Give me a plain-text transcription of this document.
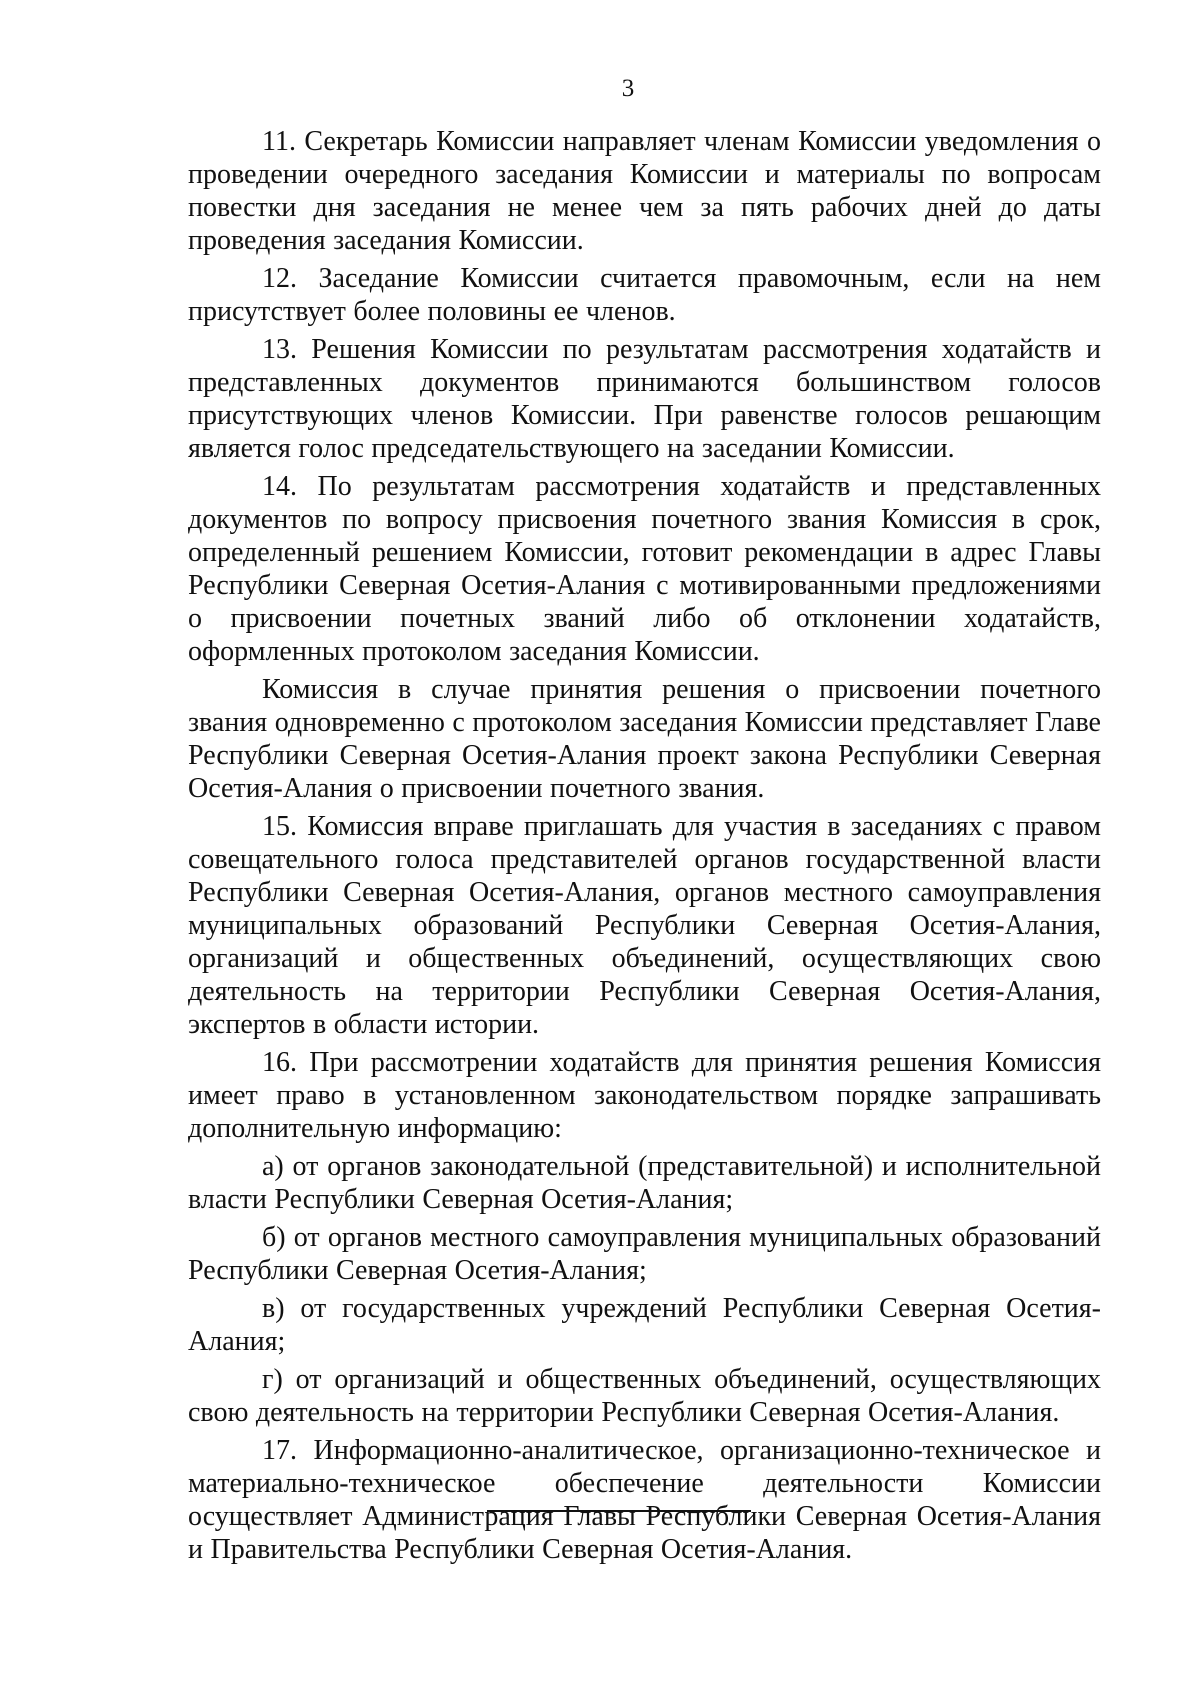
3

11. Секретарь Комиссии направляет членам Комиссии уведомления о проведении очередного заседания Комиссии и материалы по вопросам повестки дня заседания не менее чем за пять рабочих дней до даты проведения заседания Комиссии.

12. Заседание Комиссии считается правомочным, если на нем присутствует более половины ее членов.

13. Решения Комиссии по результатам рассмотрения ходатайств и представленных документов принимаются большинством голосов присутствующих членов Комиссии. При равенстве голосов решающим является голос председательствующего на заседании Комиссии.

14. По результатам рассмотрения ходатайств и представленных документов по вопросу присвоения почетного звания Комиссия в срок, определенный решением Комиссии, готовит рекомендации в адрес Главы Республики Северная Осетия-Алания с мотивированными предложениями о присвоении почетных званий либо об отклонении ходатайств, оформленных протоколом заседания Комиссии.

Комиссия в случае принятия решения о присвоении почетного звания одновременно с протоколом заседания Комиссии представляет Главе Республики Северная Осетия-Алания проект закона Республики Северная Осетия-Алания о присвоении почетного звания.

15. Комиссия вправе приглашать для участия в заседаниях с правом совещательного голоса представителей органов государственной власти Республики Северная Осетия-Алания, органов местного самоуправления муниципальных образований Республики Северная Осетия-Алания, организаций и общественных объединений, осуществляющих свою деятельность на территории Республики Северная Осетия-Алания, экспертов в области истории.

16. При рассмотрении ходатайств для принятия решения Комиссия имеет право в установленном законодательством порядке запрашивать дополнительную информацию:

а) от органов законодательной (представительной) и исполнительной власти Республики Северная Осетия-Алания;

б) от органов местного самоуправления муниципальных образований Республики Северная Осетия-Алания;

в) от государственных учреждений Республики Северная Осетия-Алания;

г) от организаций и общественных объединений, осуществляющих свою деятельность на территории Республики Северная Осетия-Алания.

17. Информационно-аналитическое, организационно-техническое и материально-техническое обеспечение деятельности Комиссии осуществляет Администрация Главы Республики Северная Осетия-Алания и Правительства Республики Северная Осетия-Алания.
